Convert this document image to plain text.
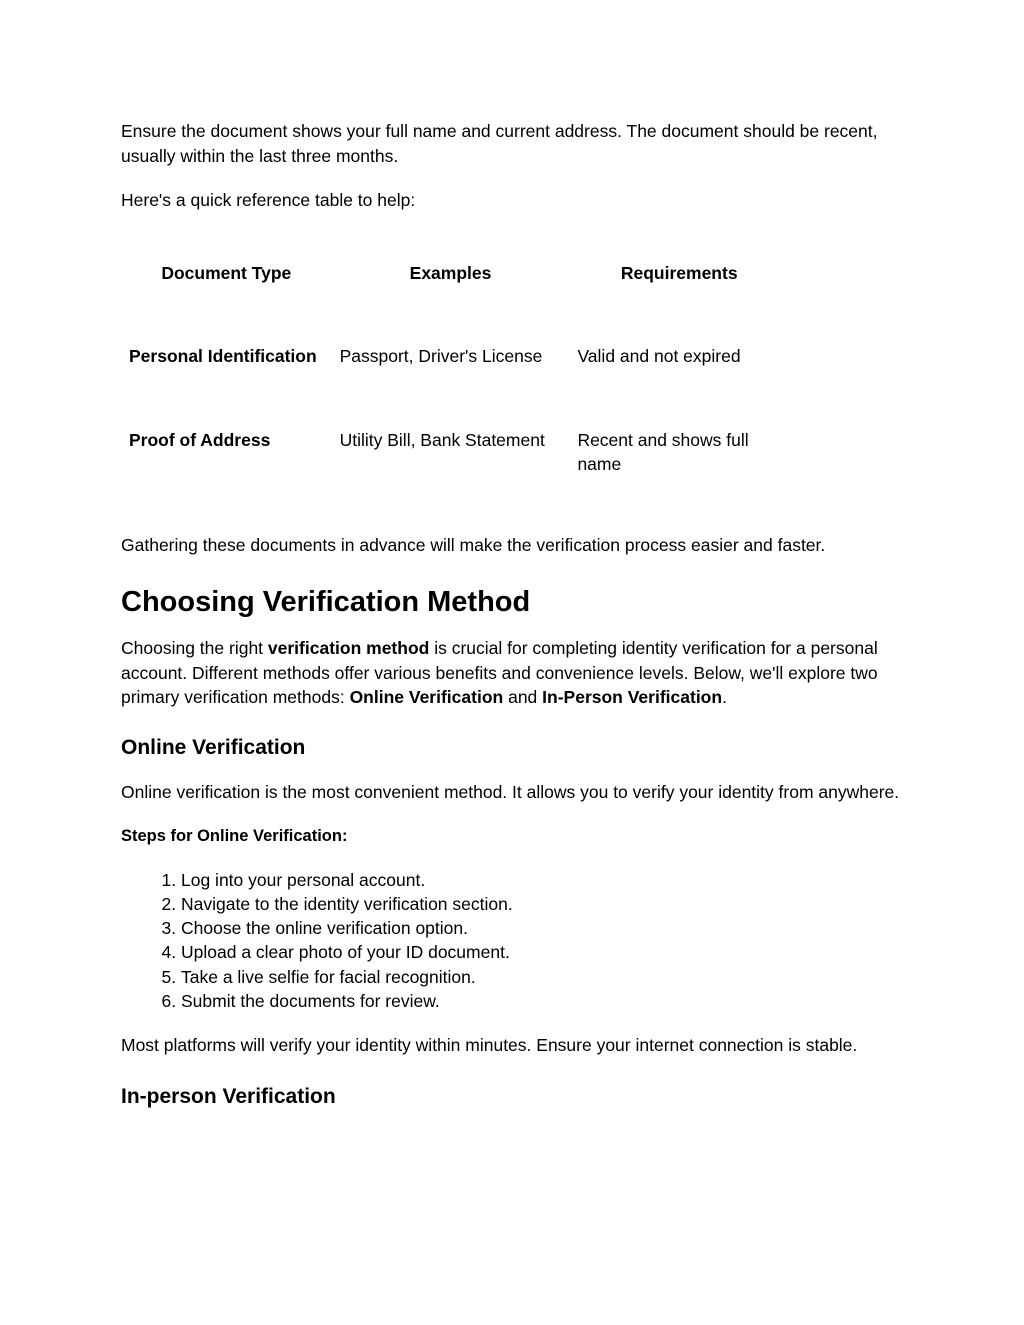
Ensure the document shows your full name and current address. The document should be recent, usually within the last three months.

Here's a quick reference table to help:

Document Type	Examples	Requirements
Personal Identification	Passport, Driver's License	Valid and not expired
Proof of Address	Utility Bill, Bank Statement	Recent and shows full name

Gathering these documents in advance will make the verification process easier and faster.

Choosing Verification Method

Choosing the right verification method is crucial for completing identity verification for a personal account. Different methods offer various benefits and convenience levels. Below, we'll explore two primary verification methods: Online Verification and In-Person Verification.

Online Verification

Online verification is the most convenient method. It allows you to verify your identity from anywhere.

Steps for Online Verification:

1. Log into your personal account.
2. Navigate to the identity verification section.
3. Choose the online verification option.
4. Upload a clear photo of your ID document.
5. Take a live selfie for facial recognition.
6. Submit the documents for review.

Most platforms will verify your identity within minutes. Ensure your internet connection is stable.

In-person Verification
